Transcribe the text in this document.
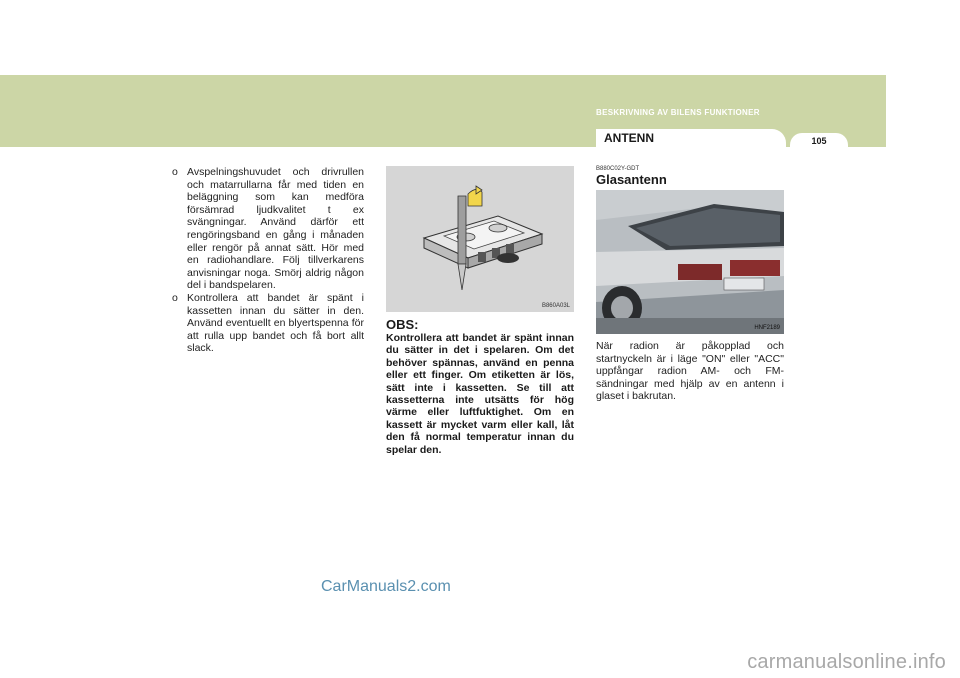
BESKRIVNING AV BILENS FUNKTIONER
ANTENN	105
o Avspelningshuvudet och drivrullen och matarrullarna får med tiden en beläggning som kan medföra försämrad ljudkvalitet t ex svängningar. Använd därför ett rengöringsband en gång i månaden eller rengör på annat sätt. Hör med en radiohandlare. Följ tillverkarens anvisningar noga. Smörj aldrig någon del i bandspelaren.
o Kontrollera att bandet är spänt i kassetten innan du sätter in den. Använd eventuellt en blyertspenna för att rulla upp bandet och få bort allt slack.
B860A03L
OBS:
Kontrollera att bandet är spänt innan du sätter in det i spelaren. Om det behöver spännas, använd en penna eller ett finger. Om etiketten är lös, sätt inte i kassetten. Se till att kassetterna inte utsätts för hög värme eller luftfuktighet. Om en kassett är mycket varm eller kall, låt den få normal temperatur innan du spelar den.
B880C02Y-GDT
Glasantenn
HNF2189
När radion är påkopplad och startnyckeln är i läge "ON" eller "ACC" uppfångar radion AM- och FM-sändningar med hjälp av en antenn i glaset i bakrutan.
CarManuals2.com
carmanualsonline.info
